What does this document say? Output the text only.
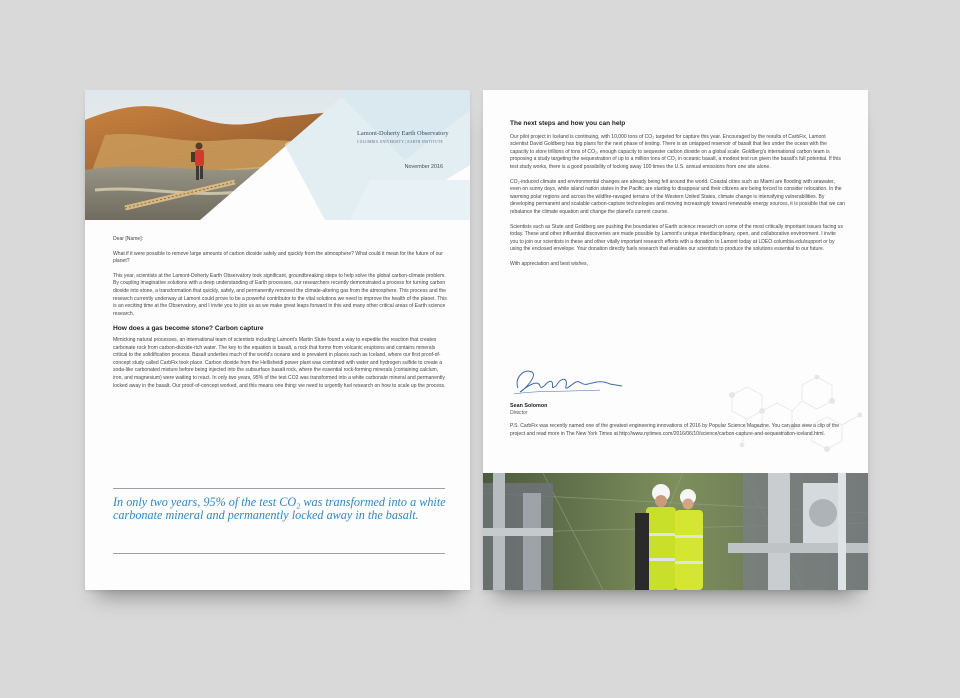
Lamont-Doherty Earth Observatory
COLUMBIA UNIVERSITY | EARTH INSTITUTE
November 2016

Dear [Name]:

What if it were possible to remove large amounts of carbon dioxide safely and quickly from the atmosphere? What could it mean for the future of our planet?

This year, scientists at the Lamont-Doherty Earth Observatory took significant, groundbreaking steps to help solve the global carbon-climate problem. By coupling imaginative solutions with a deep understanding of Earth processes, our researchers recently demonstrated a process for turning carbon dioxide into stone, a transformation that quickly, safely, and permanently removed the climate-altering gas from the atmosphere. This process and the research currently underway at Lamont could prove to be a powerful contributor to the vital solutions we need to improve the health of the planet. This is an exciting time at the Observatory, and I invite you to join us as we make great leaps forward in this and many other critical areas of Earth science research.

How does a gas become stone? Carbon capture

Mimicking natural processes, an international team of scientists including Lamont's Martin Stute found a way to expedite the reaction that creates carbonate rock from carbon-dioxide-rich water. The key to the equation is basalt, a rock that forms from volcanic eruptions and contains minerals critical to the solidification process. Basalt underlies much of the world's oceans and is prevalent in places such as Iceland, where our first proof-of-concept study called CarbFix took place. Carbon dioxide from the Hellisheidi power plant was combined with water and hydrogen sulfide to create a soda-like carbonated mixture before being injected into the subsurface basalt rock, where the essential rock-forming minerals (containing calcium, iron, and magnesium) were waiting to react. In only two years, 95% of the test CO2 was transformed into a white carbonate mineral and permanently locked away in the basalt. Our proof-of-concept worked, and this means one thing: we need to urgently fuel research on how to scale up the process.

In only two years, 95% of the test CO₂ was transformed into a white carbonate mineral and permanently locked away in the basalt.
The next steps and how you can help

Our pilot project in Iceland is continuing, with 10,000 tons of CO₂ targeted for capture this year. Encouraged by the results of CarbFix, Lamont scientist David Goldberg has big plans for the next phase of testing. There is an untapped reservoir of basalt that lies under the ocean with the capacity to store trillions of tons of CO₂, enough capacity to sequester carbon dioxide on a global scale. Goldberg's international carbon team is proposing a study targeting the sequestration of up to a million tons of CO₂ in oceanic basalt, a modest test run given the basalt's full potential. If this test study works, there is a good possibility of locking away 100 times the U.S. annual emissions from one site alone.

CO₂-induced climate and environmental changes are already being felt around the world. Coastal cities such as Miami are flooding with seawater, even on sunny days, while island nation states in the Pacific are starting to disappear and their citizens are being forced to consider relocation. In the warming polar regions and across the wildfire-ravaged terrains of the Western United States, climate change is intensifying vulnerabilities. By developing permanent and scalable carbon-capture technologies and moving increasingly toward renewable energy sources, it is possible that we can rebalance the climate equation and change the planet's current course.

Scientists such as Stute and Goldberg are pushing the boundaries of Earth science research on some of the most critically important issues facing us today. These and other influential discoveries are made possible by Lamont's unique interdisciplinary, open, and collaborative environment. I invite you to join our scientists in these and other vitally important research efforts with a donation to Lamont today at LDEO.columbia.edu/support or by using the enclosed envelope. Your donation directly fuels research that enables our scientists to produce the solutions essential to our future.

With appreciation and best wishes,

Sean Solomon
Director
P.S. CarbFix was recently named one of the greatest engineering innovations of 2016 by Popular Science Magazine. You can also view a clip of the project and read more in The New York Times at http://www.nytimes.com/2016/06/10/science/carbon-capture-and-sequestration-iceland.html.
